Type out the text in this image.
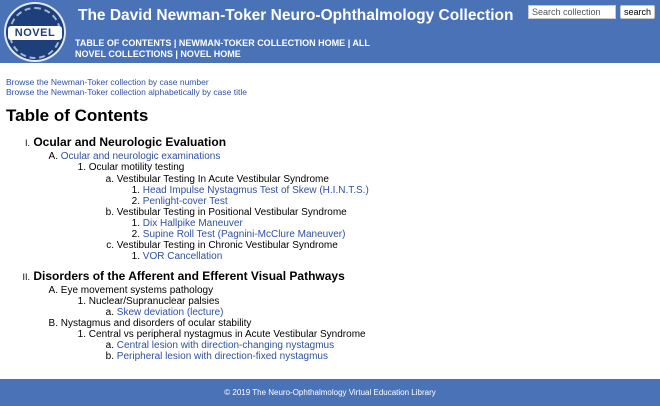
NOVEL
The David Newman-Toker Neuro-Ophthalmology Collection
Search collection	search
TABLE OF CONTENTS | NEWMAN-TOKER COLLECTION HOME | ALL NOVEL COLLECTIONS | NOVEL HOME
Browse the Newman-Toker collection by case number
Browse the Newman-Toker collection alphabetically by case title
Table of Contents
I. Ocular and Neurologic Evaluation
A. Ocular and neurologic examinations
1. Ocular motility testing
a. Vestibular Testing In Acute Vestibular Syndrome
1. Head Impulse Nystagmus Test of Skew (H.I.N.T.S.)
2. Penlight-cover Test
b. Vestibular Testing in Positional Vestibular Syndrome
1. Dix Hallpike Maneuver
2. Supine Roll Test (Pagnini-McClure Maneuver)
c. Vestibular Testing in Chronic Vestibular Syndrome
1. VOR Cancellation
II. Disorders of the Afferent and Efferent Visual Pathways
A. Eye movement systems pathology
1. Nuclear/Supranuclear palsies
a. Skew deviation (lecture)
B. Nystagmus and disorders of ocular stability
1. Central vs peripheral nystagmus in Acute Vestibular Syndrome
a. Central lesion with direction-changing nystagmus
b. Peripheral lesion with direction-fixed nystagmus
© 2019 The Neuro-Ophthalmology Virtual Education Library
